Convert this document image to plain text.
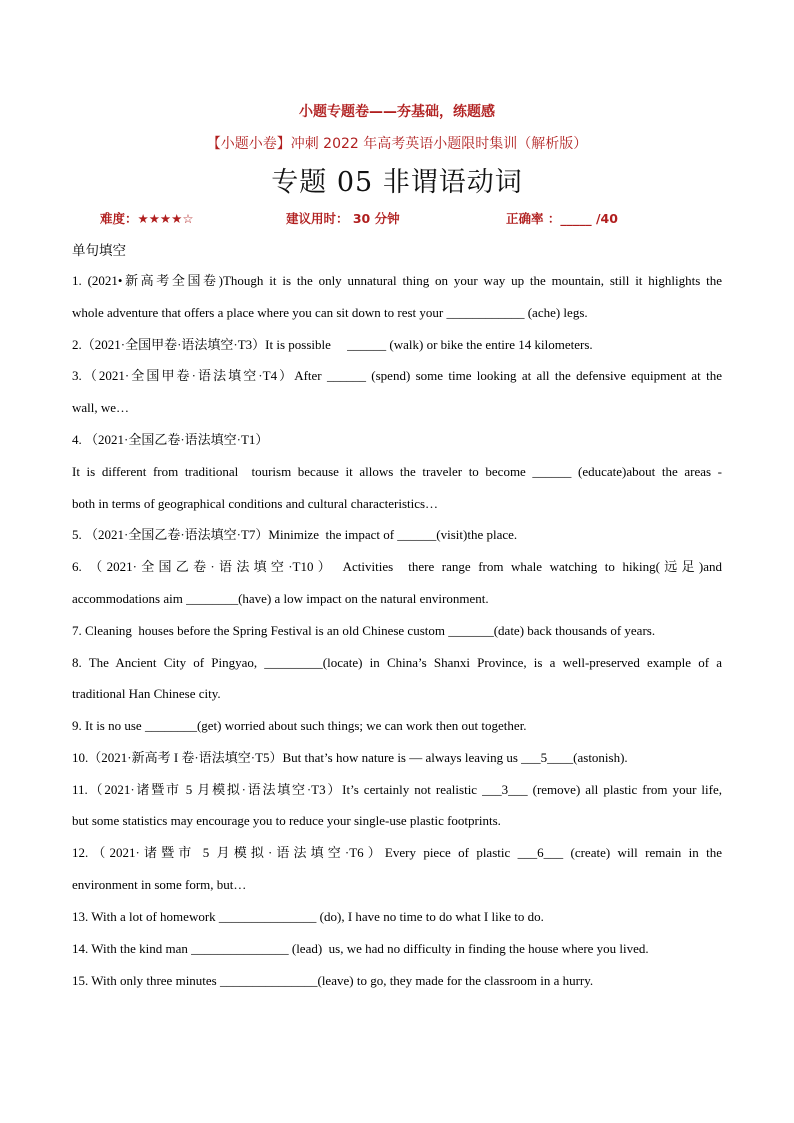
小题专题卷——夯基础，练题感
【小题小卷】冲刺 2022 年高考英语小题限时集训（解析版）
专题 05 非谓语动词
难度：★★★★☆	建议用时： 30 分钟	正确率 ：_____ /40
单句填空
1. (2021•新高考全国卷)Though it is the only unnatural thing on your way up the mountain, still it highlights the
whole adventure that offers a place where you can sit down to rest your ____________ (ache) legs.
2.（2021·全国甲卷·语法填空·T3）It is possible     ______ (walk) or bike the entire 14 kilometers.
3.（2021·全国甲卷·语法填空·T4）After ______ (spend) some time looking at all the defensive equipment at the
wall, we…
4. （2021·全国乙卷·语法填空·T1）
It is different from traditional  tourism because it allows the traveler to become ______ (educate)about the areas -
both in terms of geographical conditions and cultural characteristics…
5. （2021·全国乙卷·语法填空·T7）Minimize  the impact of ______(visit)the place.
6. （2021·全国乙卷·语法填空·T10） Activities  there range from whale watching to hiking(远足)and
accommodations aim ________(have) a low impact on the natural environment.
7. Cleaning  houses before the Spring Festival is an old Chinese custom _______(date) back thousands of years.
8. The Ancient City of Pingyao, _________(locate) in China’s Shanxi Province, is a well-preserved example of a
traditional Han Chinese city.
9. It is no use ________(get) worried about such things; we can work then out together.
10.（2021·新高考 I 卷·语法填空·T5）But that’s how nature is — always leaving us ___5____(astonish).
11.（2021·诸暨市 5 月模拟·语法填空·T3）It’s certainly not realistic ___3___ (remove) all plastic from your life,
but some statistics may encourage you to reduce your single-use plastic footprints.
12.（2021·诸暨市 5 月模拟·语法填空·T6）Every piece of plastic ___6___ (create) will remain in the
environment in some form, but…
13. With a lot of homework _______________ (do), I have no time to do what I like to do.
14. With the kind man _______________ (lead)  us, we had no difficulty in finding the house where you lived.
15. With only three minutes _______________(leave) to go, they made for the classroom in a hurry.
